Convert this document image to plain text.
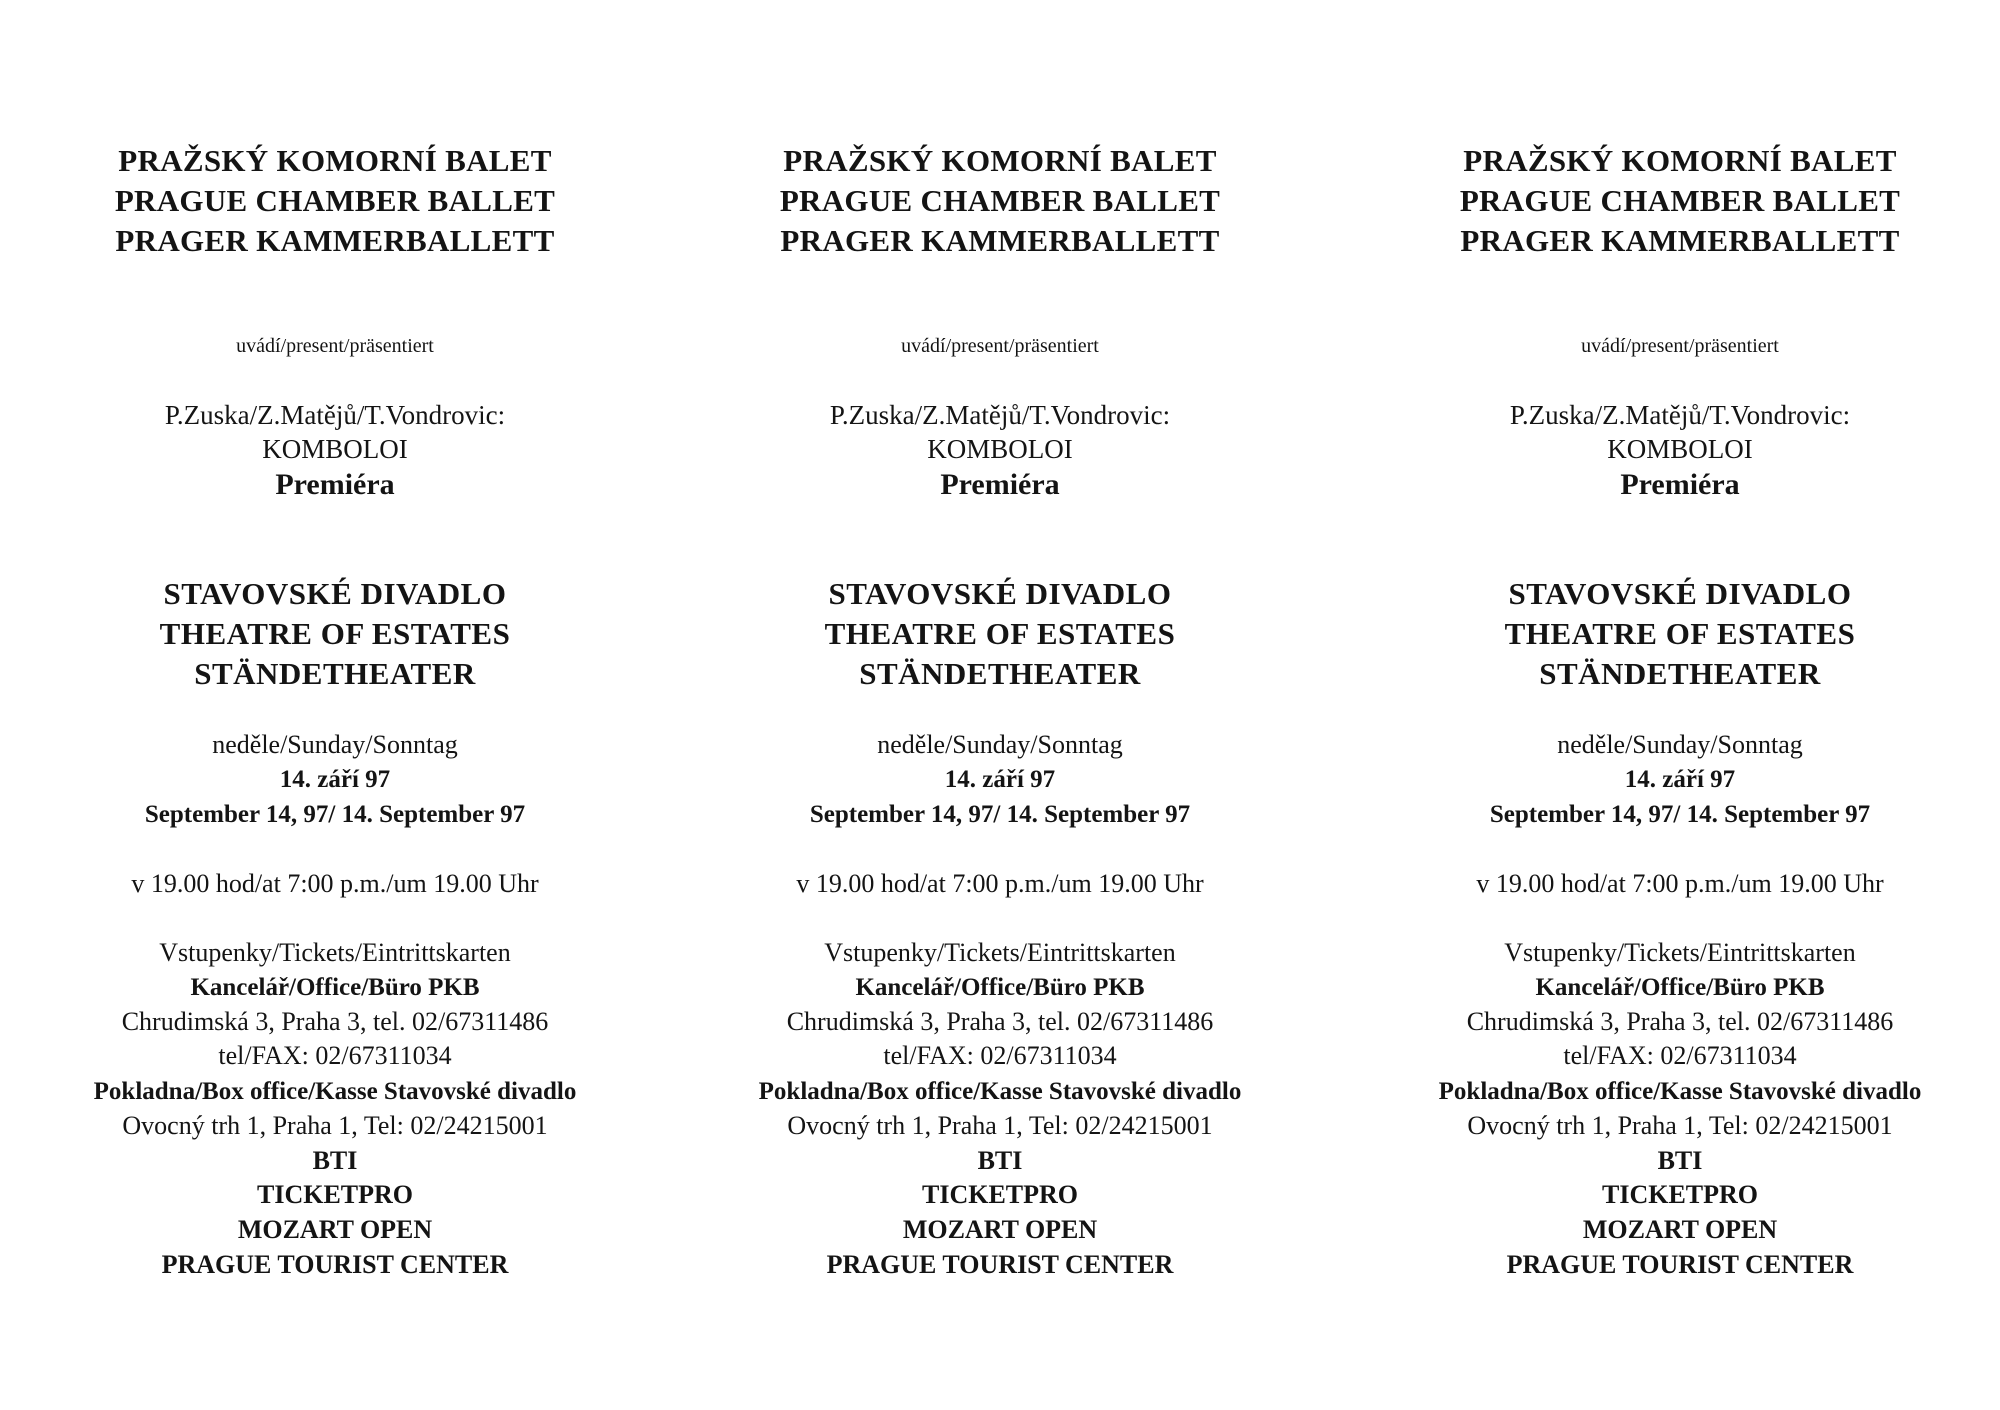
PRAŽSKÝ KOMORNÍ BALET
PRAGUE CHAMBER BALLET
PRAGER KAMMERBALLETT
uvádí/present/präsentiert
P.Zuska/Z.Matějů/T.Vondrovic:
KOMBOLOI
Premiéra
STAVOVSKÉ DIVADLO
THEATRE OF ESTATES
STÄNDETHEATER
neděle/Sunday/Sonntag
14. září 97
September 14, 97/ 14. September 97
v 19.00 hod/at 7:00 p.m./um 19.00 Uhr
Vstupenky/Tickets/Eintrittskarten
Kancelář/Office/Büro PKB
Chrudimská 3, Praha 3, tel. 02/67311486
tel/FAX: 02/67311034
Pokladna/Box office/Kasse Stavovské divadlo
Ovocný trh 1, Praha 1, Tel: 02/24215001
BTI
TICKETPRO
MOZART OPEN
PRAGUE TOURIST CENTER
PRAŽSKÝ KOMORNÍ BALET
PRAGUE CHAMBER BALLET
PRAGER KAMMERBALLETT
uvádí/present/präsentiert
P.Zuska/Z.Matějů/T.Vondrovic:
KOMBOLOI
Premiéra
STAVOVSKÉ DIVADLO
THEATRE OF ESTATES
STÄNDETHEATER
neděle/Sunday/Sonntag
14. září 97
September 14, 97/ 14. September 97
v 19.00 hod/at 7:00 p.m./um 19.00 Uhr
Vstupenky/Tickets/Eintrittskarten
Kancelář/Office/Büro PKB
Chrudimská 3, Praha 3, tel. 02/67311486
tel/FAX: 02/67311034
Pokladna/Box office/Kasse Stavovské divadlo
Ovocný trh 1, Praha 1, Tel: 02/24215001
BTI
TICKETPRO
MOZART OPEN
PRAGUE TOURIST CENTER
PRAŽSKÝ KOMORNÍ BALET
PRAGUE CHAMBER BALLET
PRAGER KAMMERBALLETT
uvádí/present/präsentiert
P.Zuska/Z.Matějů/T.Vondrovic:
KOMBOLOI
Premiéra
STAVOVSKÉ DIVADLO
THEATRE OF ESTATES
STÄNDETHEATER
neděle/Sunday/Sonntag
14. září 97
September 14, 97/ 14. September 97
v 19.00 hod/at 7:00 p.m./um 19.00 Uhr
Vstupenky/Tickets/Eintrittskarten
Kancelář/Office/Büro PKB
Chrudimská 3, Praha 3, tel. 02/67311486
tel/FAX: 02/67311034
Pokladna/Box office/Kasse Stavovské divadlo
Ovocný trh 1, Praha 1, Tel: 02/24215001
BTI
TICKETPRO
MOZART OPEN
PRAGUE TOURIST CENTER
